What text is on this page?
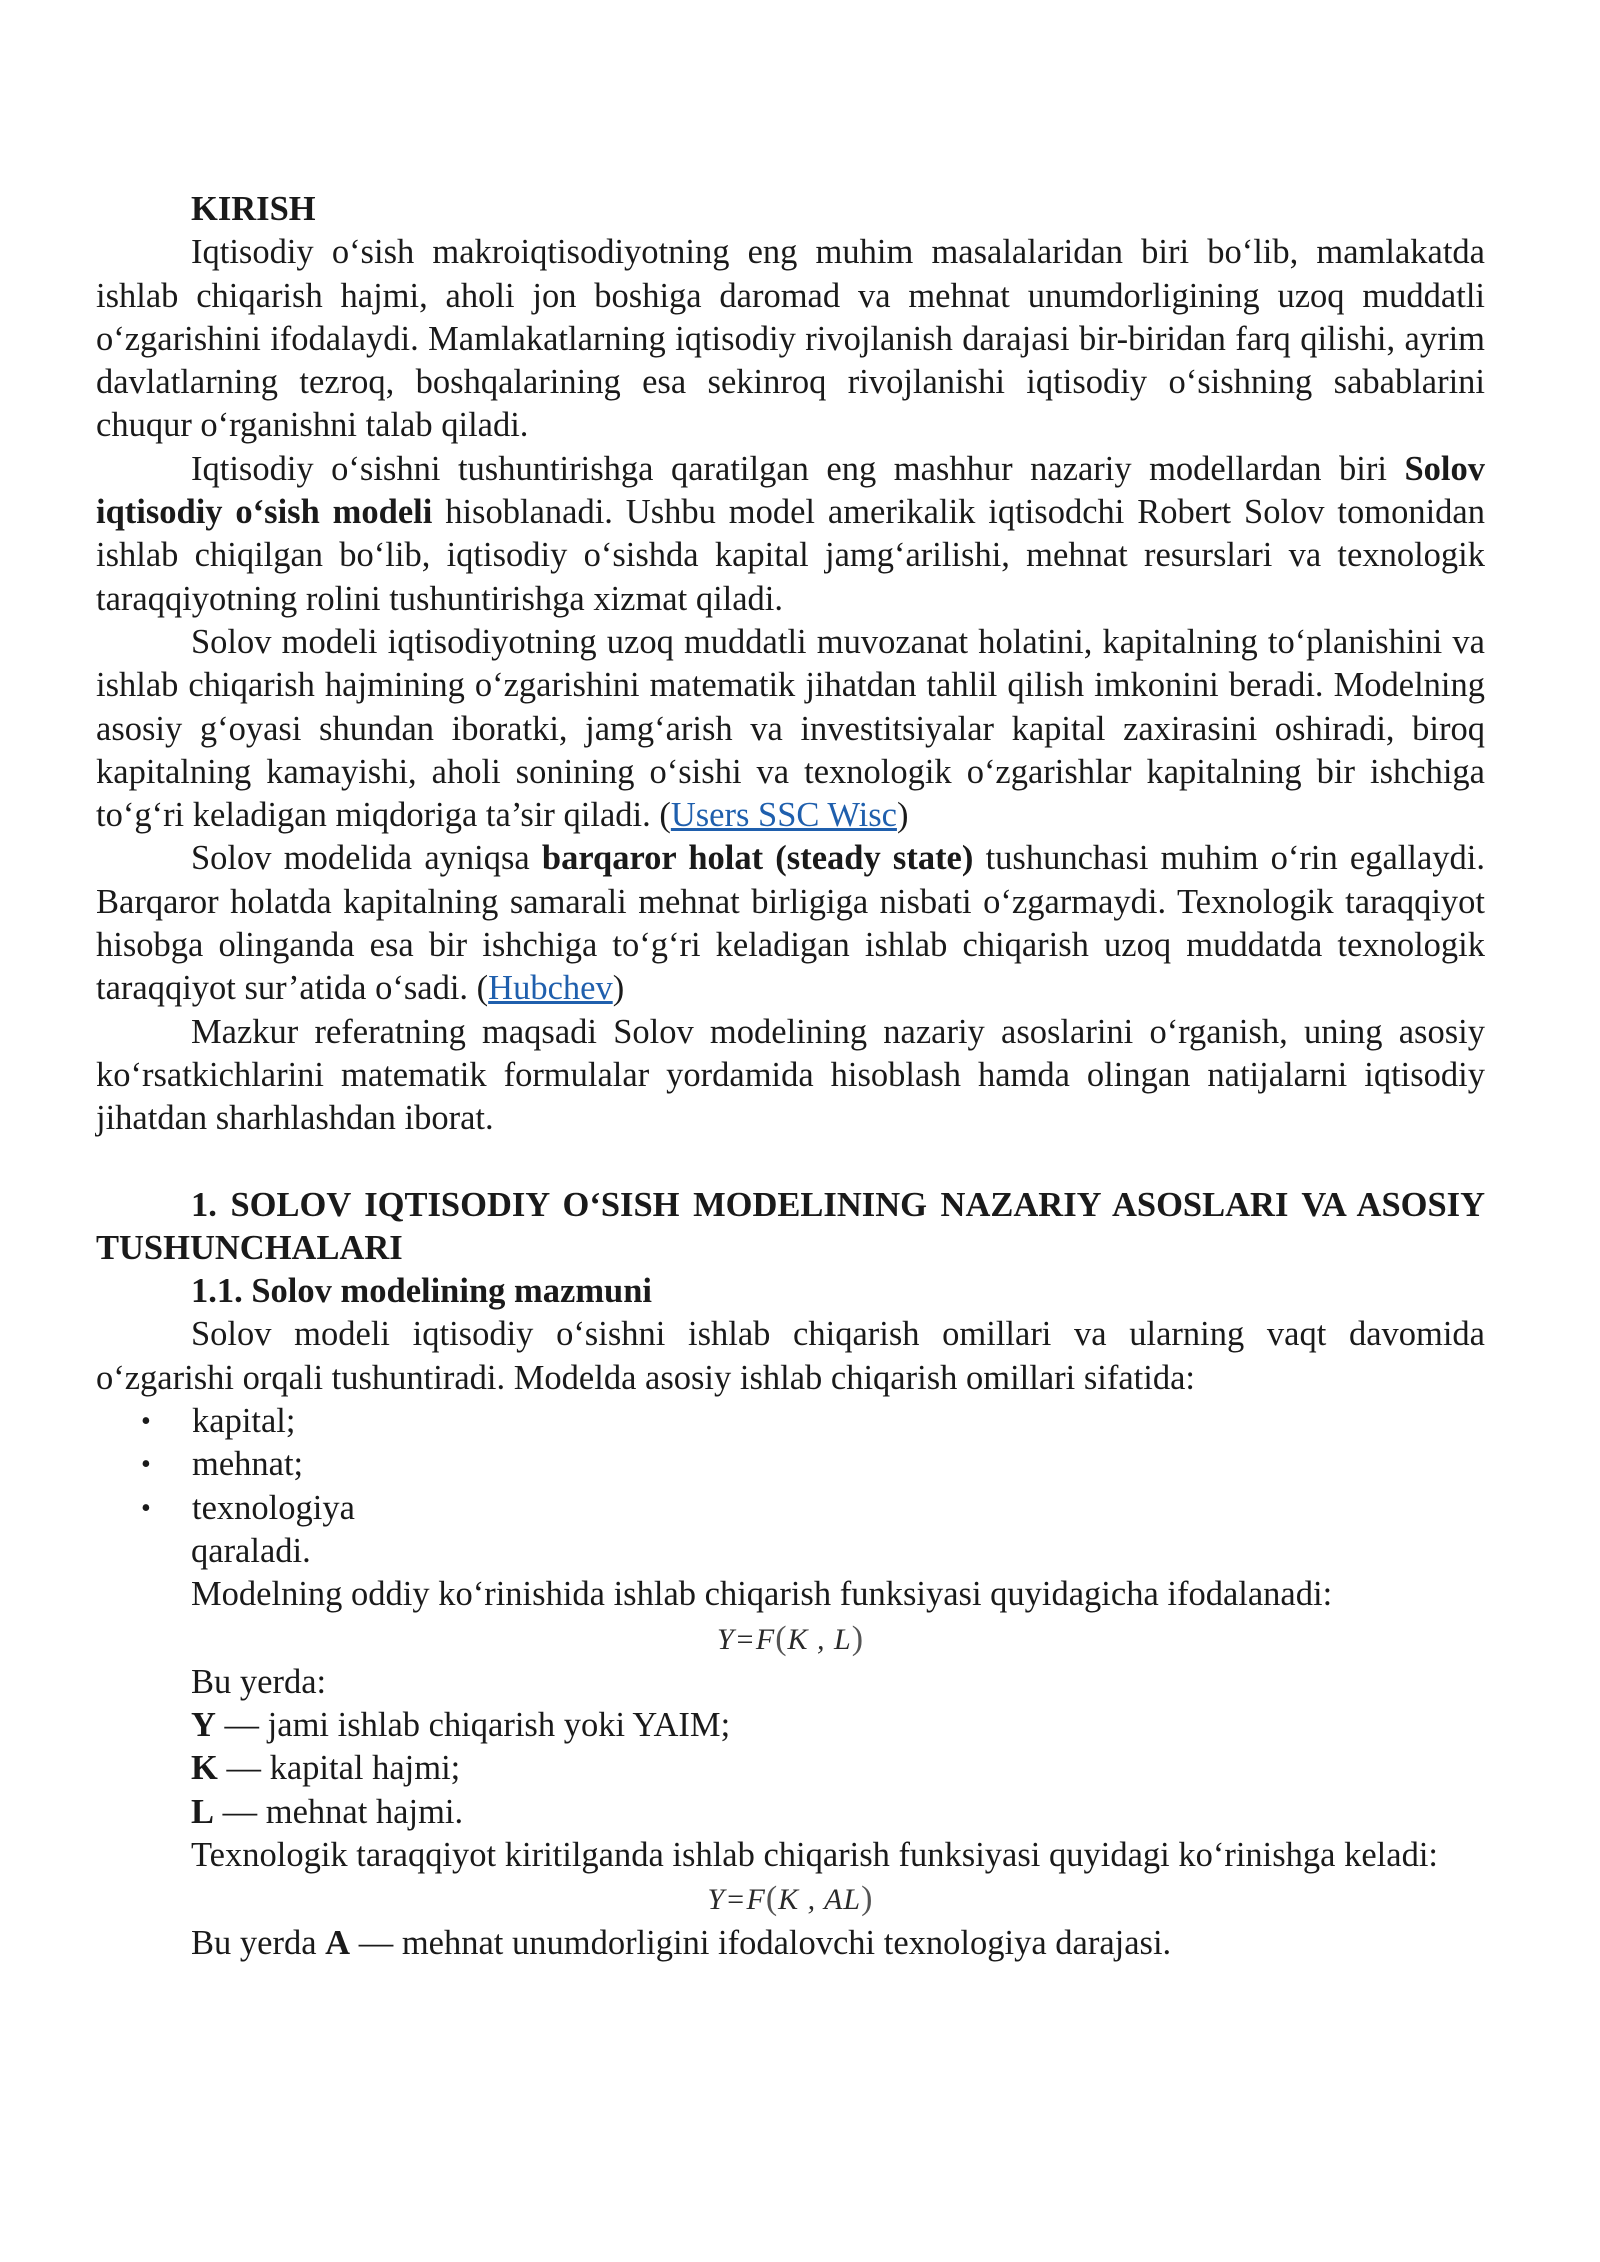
KIRISH

Iqtisodiy o‘sish makroiqtisodiyotning eng muhim masalalaridan biri bo‘lib, mamlakatda ishlab chiqarish hajmi, aholi jon boshiga daromad va mehnat unumdorligining uzoq muddatli o‘zgarishini ifodalaydi. Mamlakatlarning iqtisodiy rivojlanish darajasi bir-biridan farq qilishi, ayrim davlatlarning tezroq, boshqalarining esa sekinroq rivojlanishi iqtisodiy o‘sishning sabablarini chuqur o‘rganishni talab qiladi.

Iqtisodiy o‘sishni tushuntirishga qaratilgan eng mashhur nazariy modellardan biri Solov iqtisodiy o‘sish modeli hisoblanadi. Ushbu model amerikalik iqtisodchi Robert Solov tomonidan ishlab chiqilgan bo‘lib, iqtisodiy o‘sishda kapital jamg‘arilishi, mehnat resurslari va texnologik taraqqiyotning rolini tushuntirishga xizmat qiladi.

Solov modeli iqtisodiyotning uzoq muddatli muvozanat holatini, kapitalning to‘planishini va ishlab chiqarish hajmining o‘zgarishini matematik jihatdan tahlil qilish imkonini beradi. Modelning asosiy g‘oyasi shundan iboratki, jamg‘arish va investitsiyalar kapital zaxirasini oshiradi, biroq kapitalning kamayishi, aholi sonining o‘sishi va texnologik o‘zgarishlar kapitalning bir ishchiga to‘g‘ri keladigan miqdoriga ta’sir qiladi. (Users SSC Wisc)

Solov modelida ayniqsa barqaror holat (steady state) tushunchasi muhim o‘rin egallaydi. Barqaror holatda kapitalning samarali mehnat birligiga nisbati o‘zgarmaydi. Texnologik taraqqiyot hisobga olinganda esa bir ishchiga to‘g‘ri keladigan ishlab chiqarish uzoq muddatda texnologik taraqqiyot sur’atida o‘sadi. (Hubchev)

Mazkur referatning maqsadi Solov modelining nazariy asoslarini o‘rganish, uning asosiy ko‘rsatkichlarini matematik formulalar yordamida hisoblash hamda olingan natijalarni iqtisodiy jihatdan sharhlashdan iborat.

1. SOLOV IQTISODIY O‘SISH MODELINING NAZARIY ASOSLARI VA ASOSIY TUSHUNCHALARI

1.1. Solov modelining mazmuni

Solov modeli iqtisodiy o‘sishni ishlab chiqarish omillari va ularning vaqt davomida o‘zgarishi orqali tushuntiradi. Modelda asosiy ishlab chiqarish omillari sifatida:

• kapital;
• mehnat;
• texnologiya

qaraladi.

Modelning oddiy ko‘rinishida ishlab chiqarish funksiyasi quyidagicha ifodalanadi:

Y=F(K , L)

Bu yerda:

Y — jami ishlab chiqarish yoki YAIM;

K — kapital hajmi;

L — mehnat hajmi.

Texnologik taraqqiyot kiritilganda ishlab chiqarish funksiyasi quyidagi ko‘rinishga keladi:

Y=F(K , AL)

Bu yerda A — mehnat unumdorligini ifodalovchi texnologiya darajasi.
